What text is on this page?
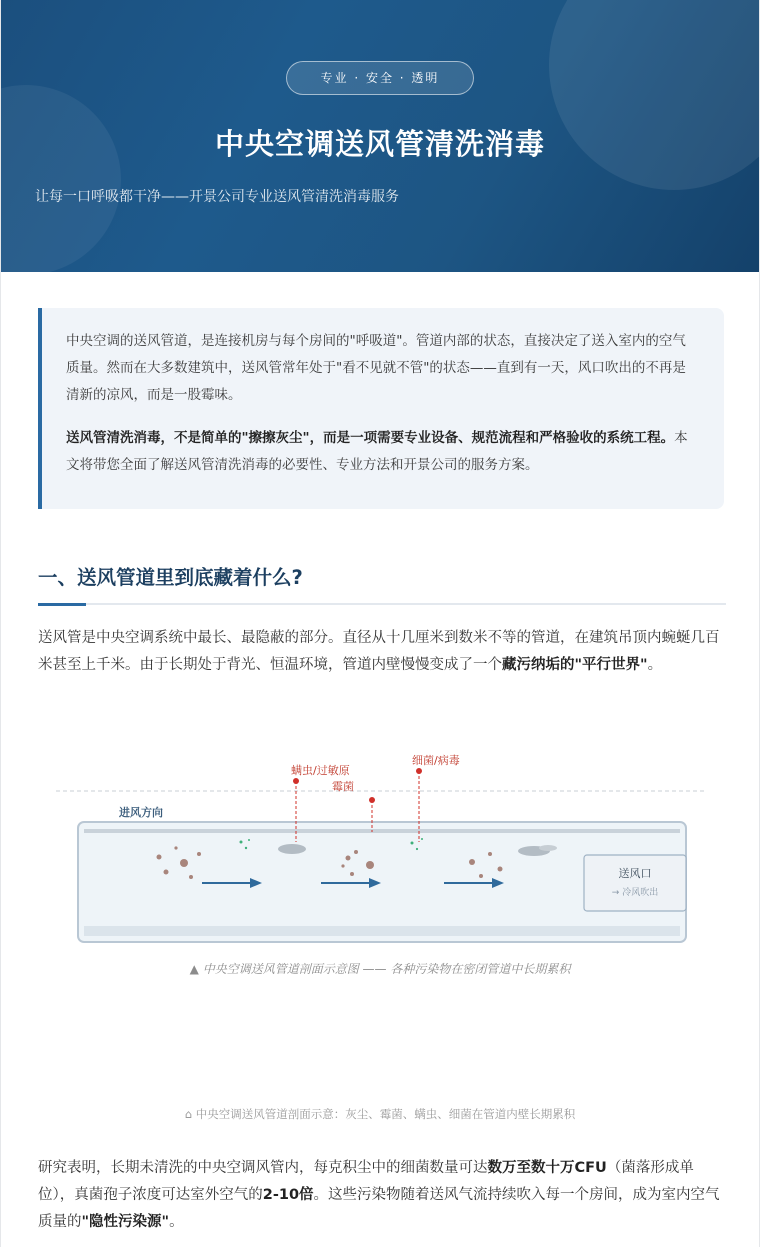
专业 · 安全 · 透明
中央空调送风管清洗消毒
让每一口呼吸都干净——开景公司专业送风管清洗消毒服务

中央空调的送风管道，是连接机房与每个房间的"呼吸道"。管道内部的状态，直接决定了送入室内的空气质量。然而在大多数建筑中，送风管常年处于"看不见就不管"的状态——直到有一天，风口吹出的不再是清新的凉风，而是一股霉味。

送风管清洗消毒，不是简单的"擦擦灰尘"，而是一项需要专业设备、规范流程和严格验收的系统工程。本文将带您全面了解送风管清洗消毒的必要性、专业方法和开景公司的服务方案。

一、送风管道里到底藏着什么?
送风管是中央空调系统中最长、最隐蔽的部分。直径从十几厘米到数米不等的管道，在建筑吊顶内蜿蜒几百米甚至上千米。由于长期处于背光、恒温环境，管道内壁慢慢变成了一个藏污纳垢的"平行世界"。
进风方向
螨虫/过敏原
霉菌
细菌/病毒
送风口
→ 冷风吹出
▲ 中央空调送风管道剖面示意图 —— 各种污染物在密闭管道中长期累积
⌂ 中央空调送风管道剖面示意：灰尘、霉菌、螨虫、细菌在管道内壁长期累积
研究表明，长期未清洗的中央空调风管内，每克积尘中的细菌数量可达数万至数十万CFU（菌落形成单位），真菌孢子浓度可达室外空气的2-10倍。这些污染物随着送风气流持续吹入每一个房间，成为室内空气质量的"隐性污染源"。
